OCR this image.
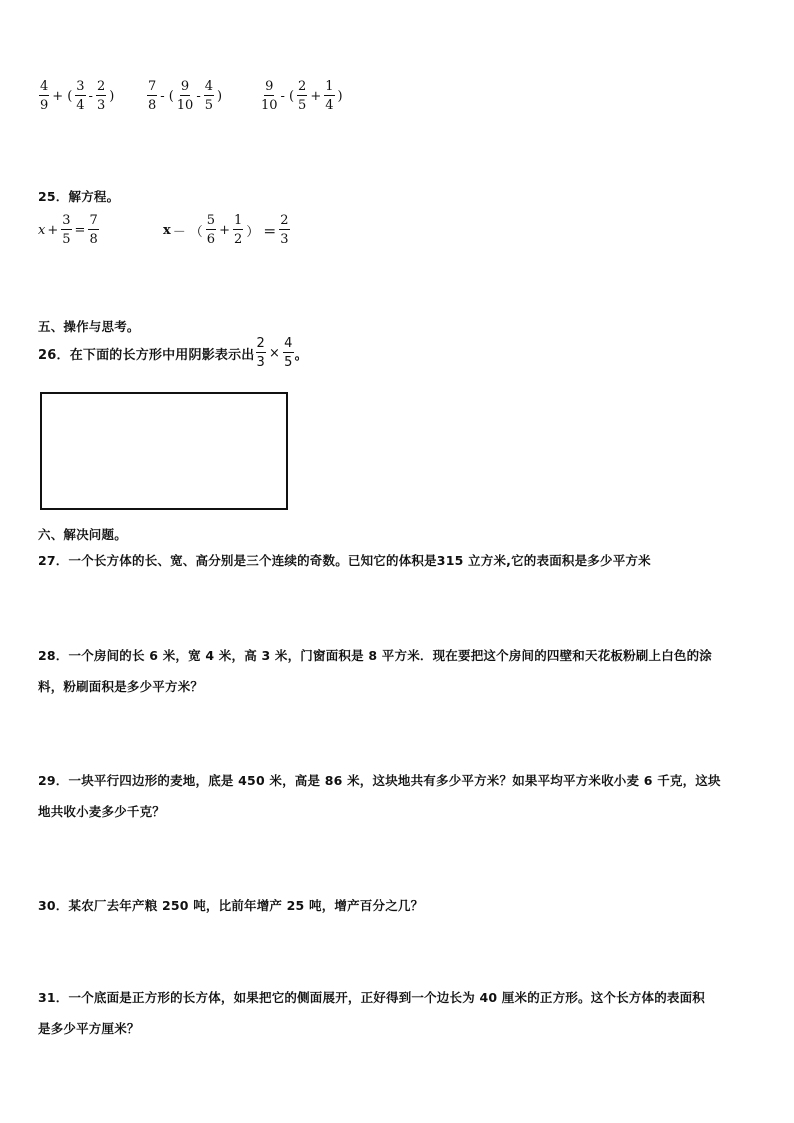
$\frac{4}{9}$ + ( $\frac{3}{4} - \frac{2}{3}$ )	$\frac{7}{8}$ - ( $\frac{9}{10} - \frac{4}{5}$ )	$\frac{9}{10}$ - ( $\frac{2}{5} + \frac{1}{4}$ )
25．解方程。
$x + \frac{3}{5} = \frac{7}{8}$	x － （ $\frac{5}{6} + \frac{1}{2}$ ） ＝ $\frac{2}{3}$
五、操作与思考。
26．在下面的长方形中用阴影表示出 $\frac{2}{3} \times \frac{4}{5}$ 。
六、解决问题。
27．一个长方体的长、宽、高分别是三个连续的奇数。已知它的体积是315 立方米,它的表面积是多少平方米
28．一个房间的长 6 米，宽 4 米，高 3 米，门窗面积是 8 平方米．现在要把这个房间的四壁和天花板粉刷上白色的涂
料，粉刷面积是多少平方米？
29．一块平行四边形的麦地，底是 450 米，高是 86 米，这块地共有多少平方米？如果平均平方米收小麦 6 千克，这块
地共收小麦多少千克？
30．某农厂去年产粮 250 吨，比前年增产 25 吨，增产百分之几？
31．一个底面是正方形的长方体，如果把它的侧面展开，正好得到一个边长为 40 厘米的正方形。这个长方体的表面积
是多少平方厘米？
